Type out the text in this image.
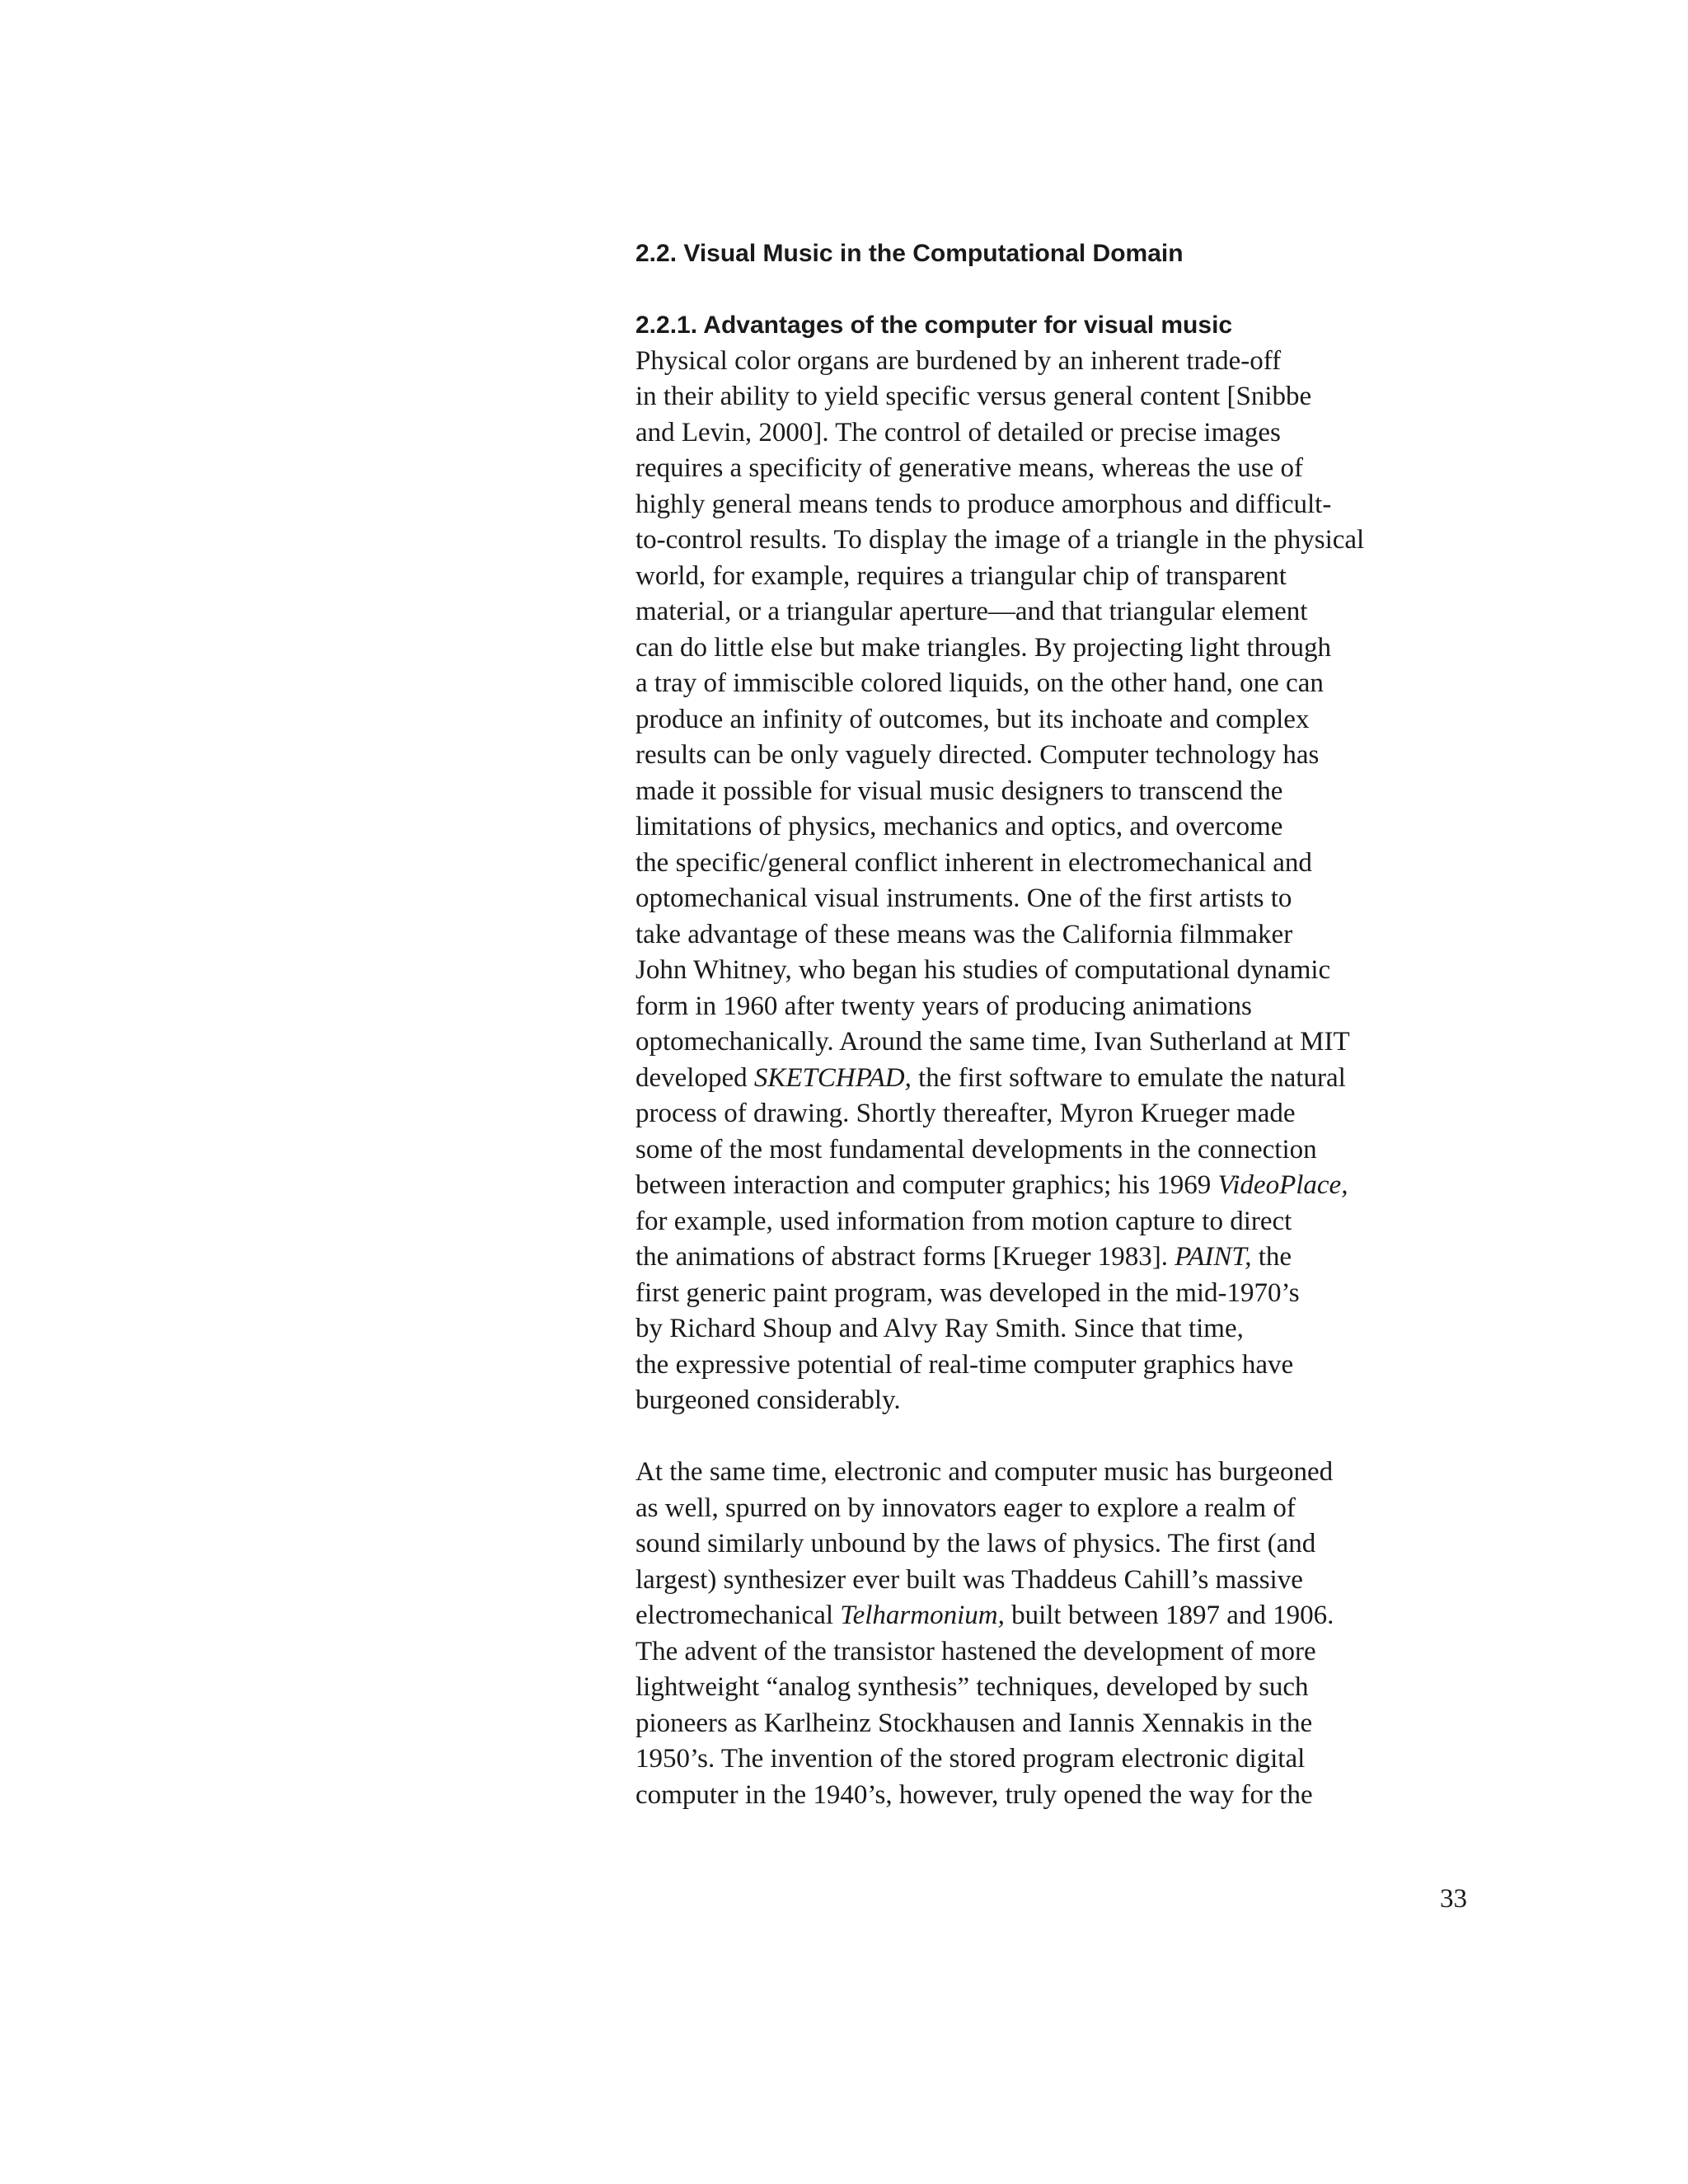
2.2. Visual Music in the Computational Domain
2.2.1. Advantages of the computer for visual music

Physical color organs are burdened by an inherent trade-off
in their ability to yield specific versus general content [Snibbe
and Levin, 2000]. The control of detailed or precise images
requires a specificity of generative means, whereas the use of
highly general means tends to produce amorphous and difficult-
to-control results. To display the image of a triangle in the physical
world, for example, requires a triangular chip of transparent
material, or a triangular aperture—and that triangular element
can do little else but make triangles. By projecting light through
a tray of immiscible colored liquids, on the other hand, one can
produce an infinity of outcomes, but its inchoate and complex
results can be only vaguely directed. Computer technology has
made it possible for visual music designers to transcend the
limitations of physics, mechanics and optics, and overcome
the specific/general conflict inherent in electromechanical and
optomechanical visual instruments. One of the first artists to
take advantage of these means was the California filmmaker
John Whitney, who began his studies of computational dynamic
form in 1960 after twenty years of producing animations
optomechanically. Around the same time, Ivan Sutherland at MIT
developed SKETCHPAD, the first software to emulate the natural
process of drawing. Shortly thereafter, Myron Krueger made
some of the most fundamental developments in the connection
between interaction and computer graphics; his 1969 VideoPlace,
for example, used information from motion capture to direct
the animations of abstract forms [Krueger 1983]. PAINT, the
first generic paint program, was developed in the mid-1970’s
by Richard Shoup and Alvy Ray Smith. Since that time,
the expressive potential of real-time computer graphics have
burgeoned considerably.

At the same time, electronic and computer music has burgeoned
as well, spurred on by innovators eager to explore a realm of
sound similarly unbound by the laws of physics. The first (and
largest) synthesizer ever built was Thaddeus Cahill’s massive
electromechanical Telharmonium, built between 1897 and 1906.
The advent of the transistor hastened the development of more
lightweight “analog synthesis” techniques, developed by such
pioneers as Karlheinz Stockhausen and Iannis Xennakis in the
1950’s. The invention of the stored program electronic digital
computer in the 1940’s, however, truly opened the way for the

33
